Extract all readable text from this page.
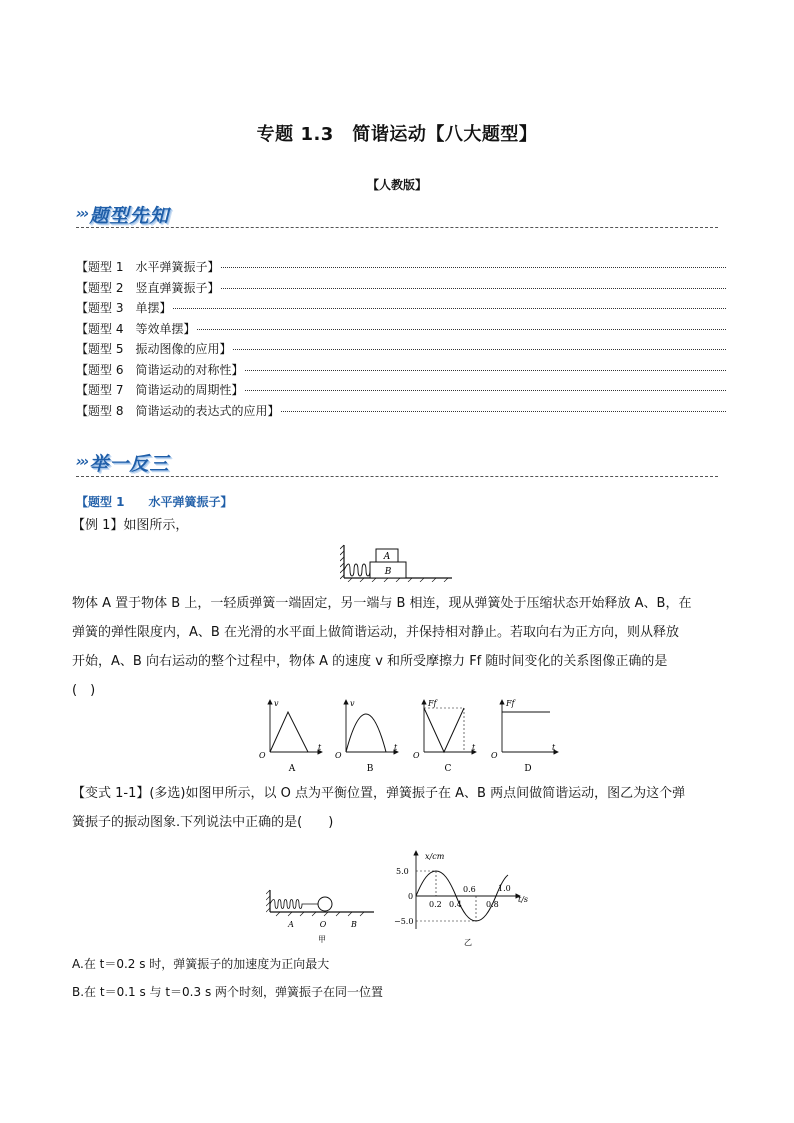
专题 1.3　简谐运动【八大题型】
【人教版】
››› 题型先知
【题型 1　水平弹簧振子】
【题型 2　竖直弹簧振子】
【题型 3　单摆】
【题型 4　等效单摆】
【题型 5　振动图像的应用】
【题型 6　简谐运动的对称性】
【题型 7　简谐运动的周期性】
【题型 8　简谐运动的表达式的应用】
››› 举一反三
【题型 1　　水平弹簧振子】
【例 1】如图所示，
A
B
物体 A 置于物体 B 上，一轻质弹簧一端固定，另一端与 B 相连，现从弹簧处于压缩状态开始释放 A、B，在
弹簧的弹性限度内，A、B 在光滑的水平面上做简谐运动，并保持相对静止。若取向右为正方向，则从释放
开始，A、B 向右运动的整个过程中，物体 A 的速度 v 和所受摩擦力 Ff 随时间变化的关系图像正确的是
(　)
v
O
t
A
v
O
t
B
Ff
O
t
C
Ff
O
t
D
【变式 1-1】(多选)如图甲所示，以 O 点为平衡位置，弹簧振子在 A、B 两点间做简谐运动，图乙为这个弹
簧振子的振动图象.下列说法中正确的是(　　)
A	O	B
甲
x/cm
5.0
−5.0
0
0.2 0.4
0.6
0.8
1.0
t/s
乙
A.在 t＝0.2 s 时，弹簧振子的加速度为正向最大
B.在 t＝0.1 s 与 t＝0.3 s 两个时刻，弹簧振子在同一位置
